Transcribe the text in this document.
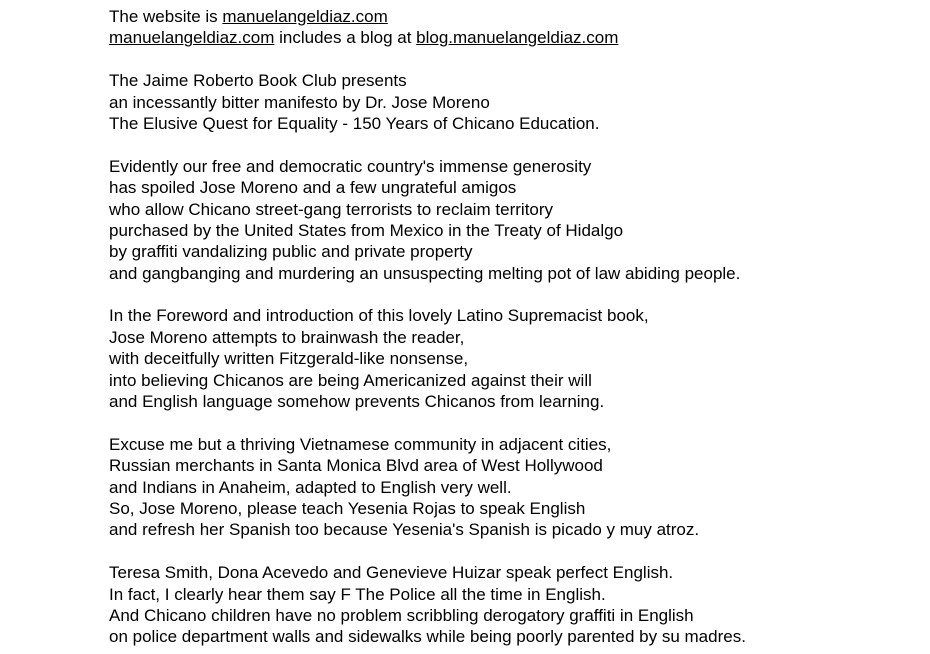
The website is manuelangeldiaz.com
manuelangeldiaz.com includes a blog at blog.manuelangeldiaz.com
The Jaime Roberto Book Club presents
an incessantly bitter manifesto by Dr. Jose Moreno
The Elusive Quest for Equality - 150 Years of Chicano Education.
Evidently our free and democratic country's immense generosity
has spoiled Jose Moreno and a few ungrateful amigos
who allow Chicano street-gang terrorists to reclaim territory
purchased by the United States from Mexico in the Treaty of Hidalgo
by graffiti vandalizing public and private property
and gangbanging and murdering an unsuspecting melting pot of law abiding people.
In the Foreword and introduction of this lovely Latino Supremacist book,
Jose Moreno attempts to brainwash the reader,
with deceitfully written Fitzgerald-like nonsense,
into believing Chicanos are being Americanized against their will
and English language somehow prevents Chicanos from learning.
Excuse me but a thriving Vietnamese community in adjacent cities,
Russian merchants in Santa Monica Blvd area of West Hollywood
and Indians in Anaheim, adapted to English very well.
So, Jose Moreno, please teach Yesenia Rojas to speak English
and refresh her Spanish too because Yesenia's Spanish is picado y muy atroz.
Teresa Smith, Dona Acevedo and Genevieve Huizar speak perfect English.
In fact, I clearly hear them say F The Police all the time in English.
And Chicano children have no problem scribbling derogatory graffiti in English
on police department walls and sidewalks while being poorly parented by su madres.
